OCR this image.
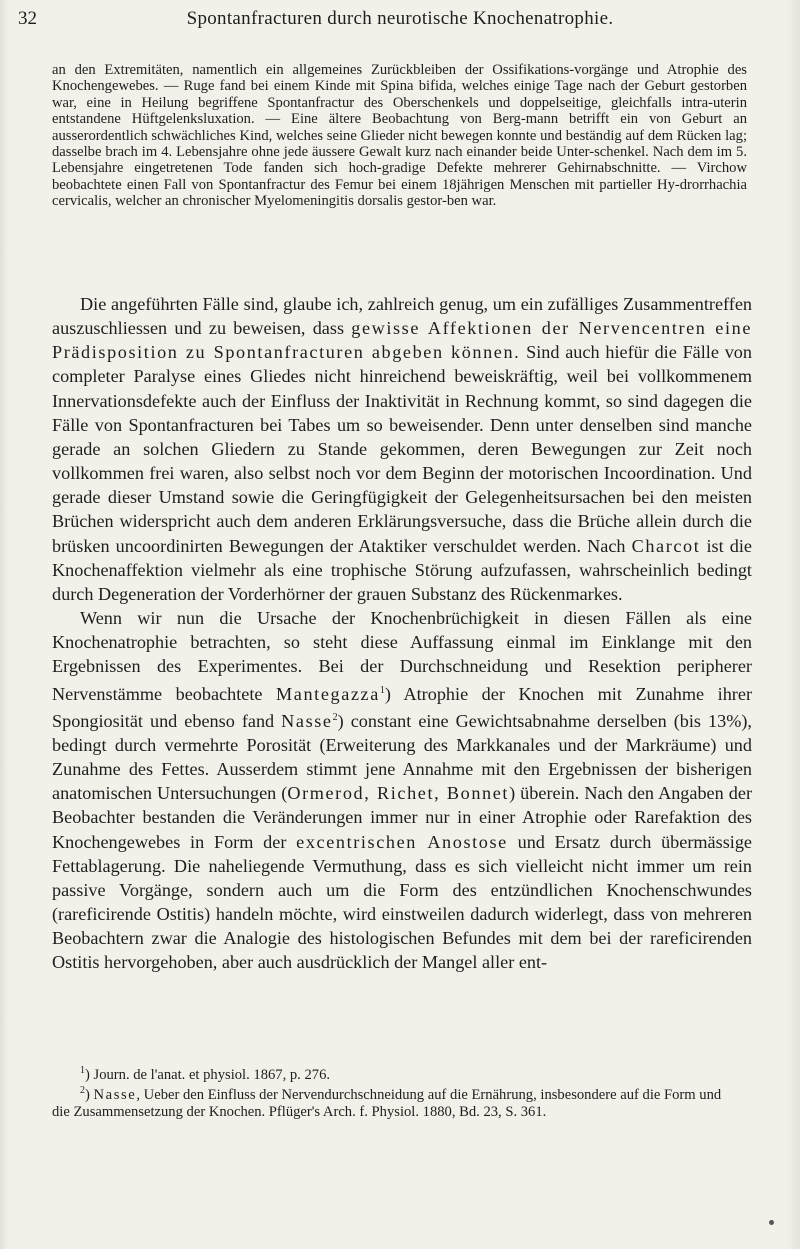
32	Spontanfracturen durch neurotische Knochenatrophie.

an den Extremitäten, namentlich ein allgemeines Zurückbleiben der Ossifikations-vorgänge und Atrophie des Knochengewebes. — Ruge fand bei einem Kinde mit Spina bifida, welches einige Tage nach der Geburt gestorben war, eine in Heilung begriffene Spontanfractur des Oberschenkels und doppelseitige, gleichfalls intra-uterin entstandene Hüftgelenksluxation. — Eine ältere Beobachtung von Berg-mann betrifft ein von Geburt an ausserordentlich schwächliches Kind, welches seine Glieder nicht bewegen konnte und beständig auf dem Rücken lag; dasselbe brach im 4. Lebensjahre ohne jede äussere Gewalt kurz nach einander beide Unter-schenkel. Nach dem im 5. Lebensjahre eingetretenen Tode fanden sich hoch-gradige Defekte mehrerer Gehirnabschnitte. — Virchow beobachtete einen Fall von Spontanfractur des Femur bei einem 18jährigen Menschen mit partieller Hy-drorrhachia cervicalis, welcher an chronischer Myelomeningitis dorsalis gestor-ben war.

Die angeführten Fälle sind, glaube ich, zahlreich genug, um ein zufälliges Zusammentreffen auszuschliessen und zu beweisen, dass gewisse Affektionen der Nervencentren eine Prädisposition zu Spontanfracturen abgeben können. Sind auch hiefür die Fälle von completer Paralyse eines Gliedes nicht hinreichend beweiskräftig, weil bei vollkommenem Innervationsdefekte auch der Einfluss der Inaktivität in Rechnung kommt, so sind dagegen die Fälle von Spontanfracturen bei Tabes um so beweisender. Denn unter denselben sind manche gerade an solchen Gliedern zu Stande gekommen, deren Bewegungen zur Zeit noch vollkommen frei waren, also selbst noch vor dem Beginn der motorischen Incoordination. Und gerade dieser Umstand sowie die Geringfügigkeit der Gelegenheitsursachen bei den meisten Brüchen widerspricht auch dem anderen Erklärungsversuche, dass die Brüche allein durch die brüsken uncoordinirten Bewegungen der Ataktiker verschuldet werden. Nach Charcot ist die Knochenaffektion vielmehr als eine trophische Störung aufzufassen, wahrscheinlich bedingt durch Degeneration der Vorderhörner der grauen Substanz des Rückenmarkes.

Wenn wir nun die Ursache der Knochenbrüchigkeit in diesen Fällen als eine Knochenatrophie betrachten, so steht diese Auffassung einmal im Einklange mit den Ergebnissen des Experimentes. Bei der Durchschneidung und Resektion peripherer Nervenstämme beobachtete Mantegazza$^1$) Atrophie der Knochen mit Zunahme ihrer Spongiosität und ebenso fand Nasse$^2$) constant eine Gewichtsabnahme derselben (bis 13%), bedingt durch vermehrte Porosität (Erweiterung des Markkanales und der Markräume) und Zunahme des Fettes. Ausserdem stimmt jene Annahme mit den Ergebnissen der bisherigen anatomischen Untersuchungen (Ormerod, Richet, Bonnet) überein. Nach den Angaben der Beobachter bestanden die Veränderungen immer nur in einer Atrophie oder Rarefaktion des Knochengewebes in Form der excentrischen Anostose und Ersatz durch übermässige Fettablagerung. Die naheliegende Vermuthung, dass es sich vielleicht nicht immer um rein passive Vorgänge, sondern auch um die Form des entzündlichen Knochenschwundes (rareficirende Ostitis) handeln möchte, wird einstweilen dadurch widerlegt, dass von mehreren Beobachtern zwar die Analogie des histologischen Befundes mit dem bei der rareficirenden Ostitis hervorgehoben, aber auch ausdrücklich der Mangel aller ent-

$^1$) Journ. de l'anat. et physiol. 1867, p. 276.

$^2$) Nasse, Ueber den Einfluss der Nervendurchschneidung auf die Ernährung, insbesondere auf die Form und die Zusammensetzung der Knochen. Pflüger's Arch. f. Physiol. 1880, Bd. 23, S. 361.
